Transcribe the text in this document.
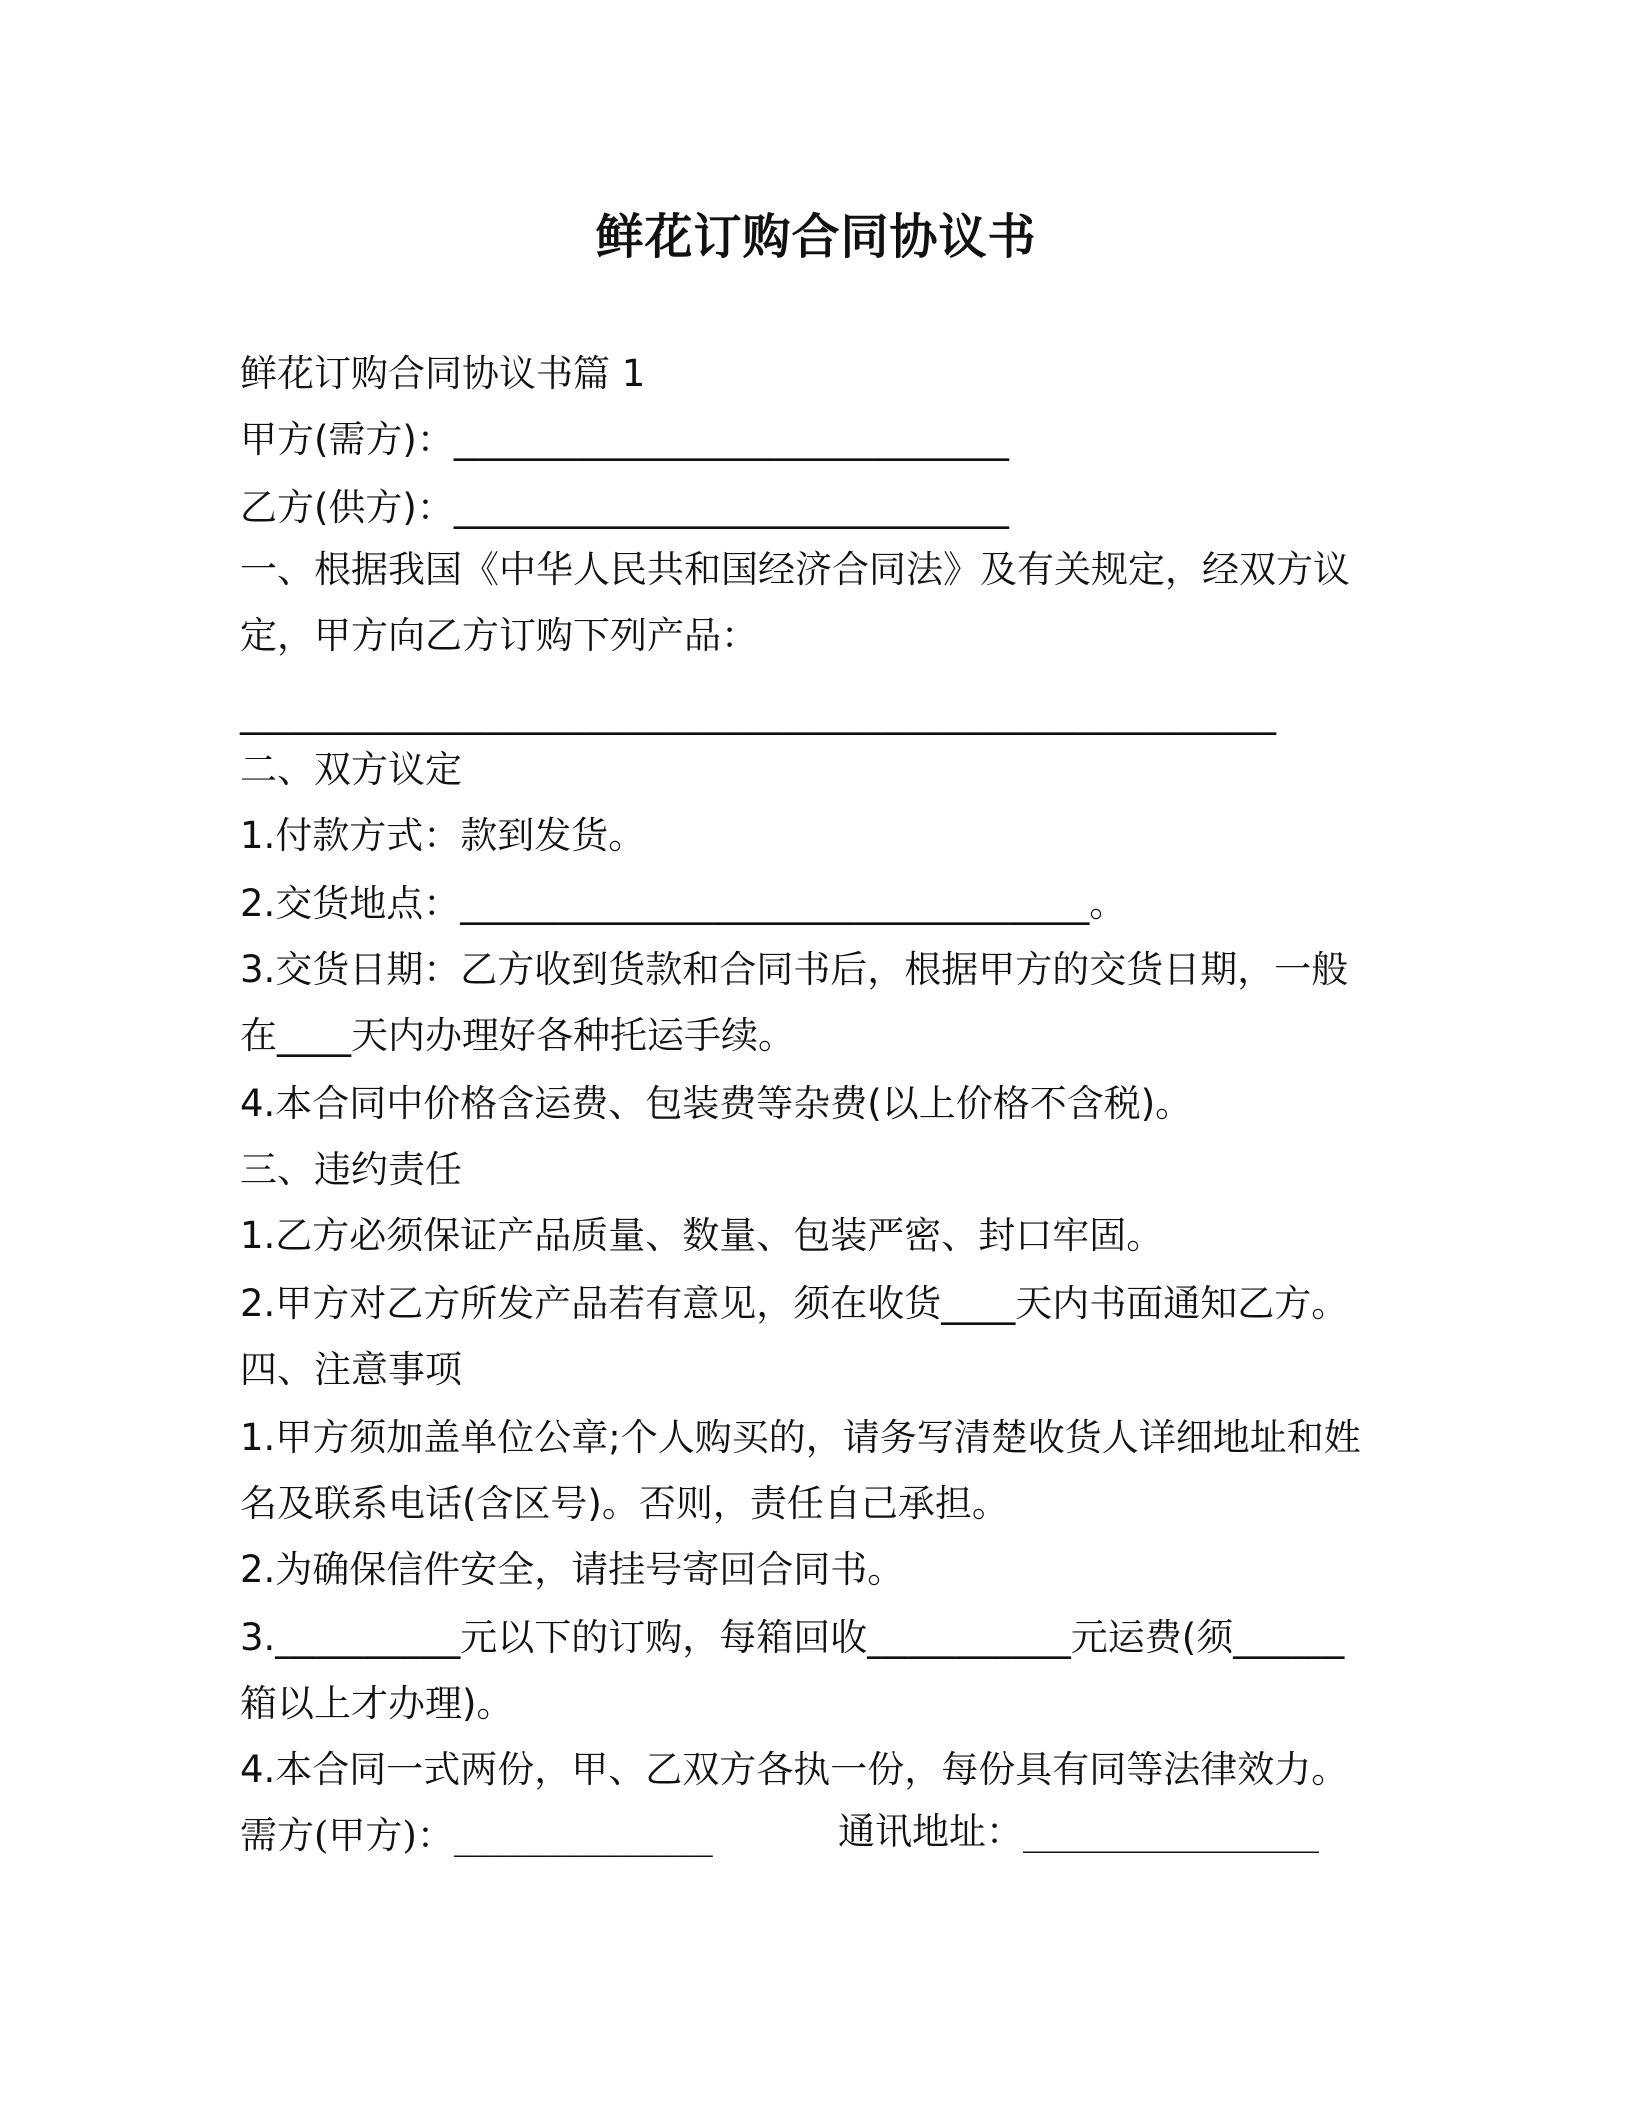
鲜花订购合同协议书
鲜花订购合同协议书篇 1
甲方(需方)：______________________________
乙方(供方)：______________________________
一、根据我国《中华人民共和国经济合同法》及有关规定，经双方议
定，甲方向乙方订购下列产品：
________________________________________________________
二、双方议定
1.付款方式：款到发货。
2.交货地点：__________________________________。
3.交货日期：乙方收到货款和合同书后，根据甲方的交货日期，一般
在____天内办理好各种托运手续。
4.本合同中价格含运费、包装费等杂费(以上价格不含税)。
三、违约责任
1.乙方必须保证产品质量、数量、包装严密、封口牢固。
2.甲方对乙方所发产品若有意见，须在收货____天内书面通知乙方。
四、注意事项
1.甲方须加盖单位公章;个人购买的，请务写清楚收货人详细地址和姓
名及联系电话(含区号)。否则，责任自己承担。
2.为确保信件安全，请挂号寄回合同书。
3.__________元以下的订购，每箱回收___________元运费(须______
箱以上才办理)。
4.本合同一式两份，甲、乙双方各执一份，每份具有同等法律效力。
需方(甲方)：______________	通讯地址：________________
